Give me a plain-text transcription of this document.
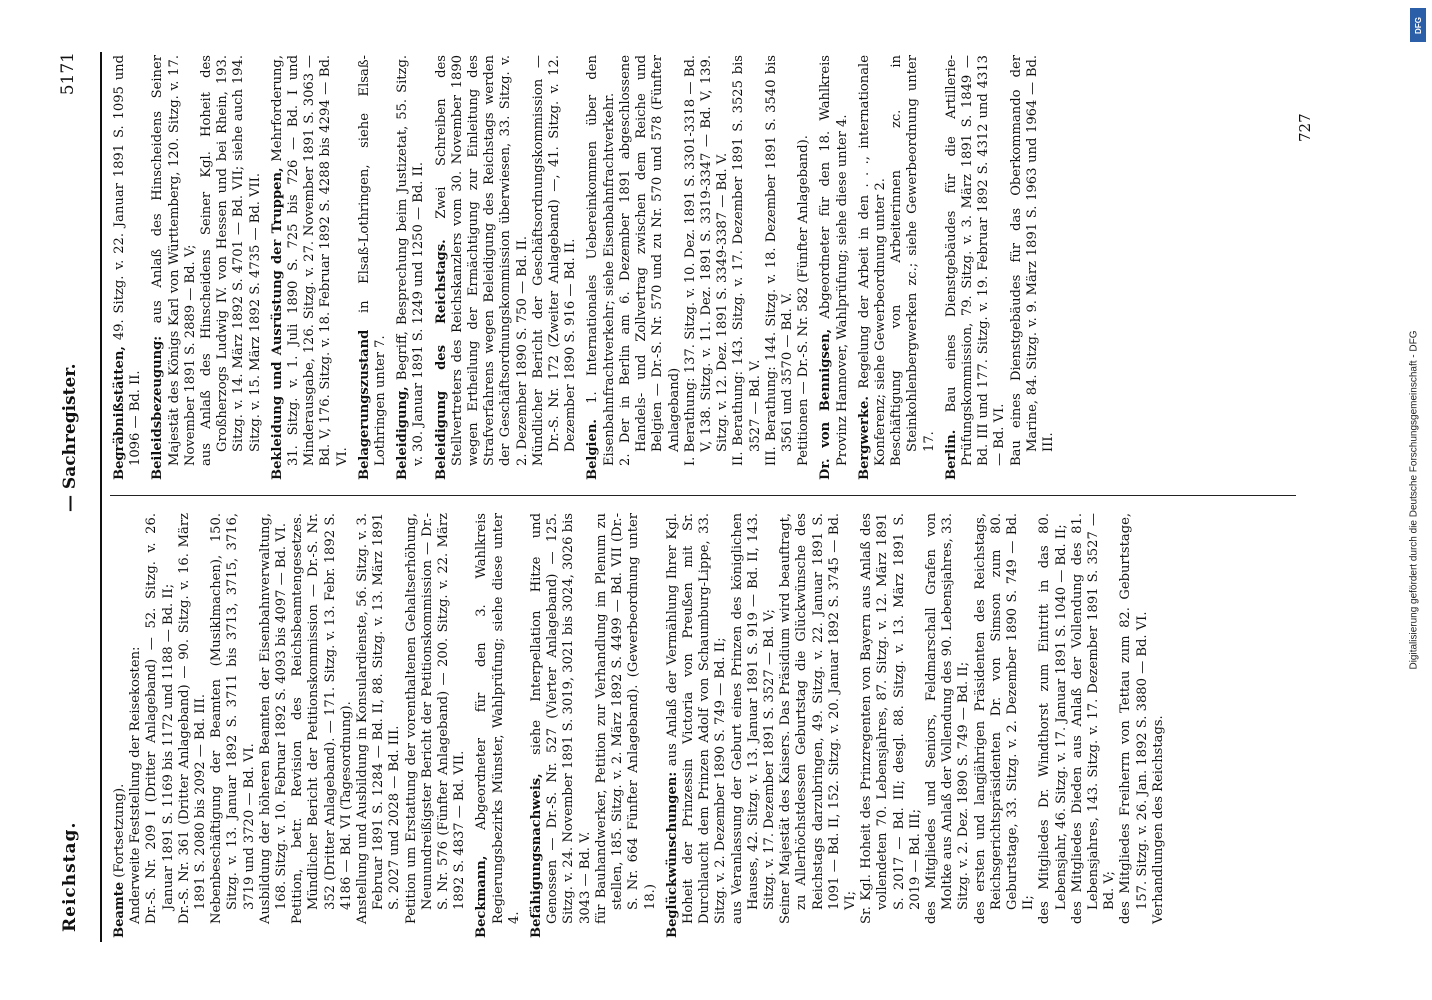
Reichstag.
— Sachregister.
5171

Beamte (Fortsetzung). Anderweite Feststellung der Reisekosten: Dr.-S. Nr. 209 I (Dritter Anlageband) — 52. Sitzg. v. 26. Januar 1891 S. 1169 bis 1172 und 1188 — Bd. II; Dr.-S. Nr. 361 (Dritter Anlageband) — 90. Sitzg. v. 16. März 1891 S. 2080 bis 2092 — Bd. III. Nebenbeschäftigung der Beamten (Musiklmachen), 150. Sitzg. v. 13. Januar 1892 S. 3711 bis 3713, 3715, 3716, 3719 und 3720 — Bd. VI. Ausbildung der höheren Beamten der Eisenbahnverwaltung, 168. Sitzg. v. 10. Februar 1892 S. 4093 bis 4097 — Bd. VI. Petition, betr. Revision des Reichsbeamtengesetzes. Mündlicher Bericht der Petitionskommission — Dr.-S. Nr. 352 (Dritter Anlageband). — 171. Sitzg. v. 13. Febr. 1892 S. 4186 — Bd. VI (Tagesordnung). Anstellung und Ausbildung in Konsulardienste, 56. Sitzg. v. 3. Februar 1891 S. 1284 — Bd. II, 88. Sitzg. v. 13. März 1891 S. 2027 und 2028 — Bd. III. Petition um Erstattung der vorenthaltenen Gehaltserhöhung, Neunundreißigster Bericht der Petitionskommission — Dr.-S. Nr. 576 (Fünfter Anlageband) — 200. Sitzg. v. 22. März 1892 S. 4837 — Bd. VII. Beckmann, Abgeordneter für den 3. Wahlkreis Regierungsbezirks Münster, Wahlprüfung; siehe diese unter 4. Befähigungsnachweis, siehe Interpellation Hitze und Genossen — Dr.-S. Nr. 527 (Vierter Anlageband) — 125. Sitzg. v. 24. November 1891 S. 3019, 3021 bis 3024, 3026 bis 3043 — Bd. V. für Bauhandwerker, Petition zur Verhandlung im Plenum zu stellen, 185. Sitzg. v. 2. März 1892 S. 4499 — Bd. VII (Dr.-S. Nr. 664 Fünfter Anlageband). (Gewerbeordnung unter 18.) Beglückwünschungen: aus Anlaß der Vermählung Ihrer Kgl. Hoheit der Prinzessin Victoria von Preußen mit Sr. Durchlaucht dem Prinzen Adolf von Schaumburg-Lippe, 33. Sitzg. v. 2. Dezember 1890 S. 749 — Bd. II; aus Veranlassung der Geburt eines Prinzen des königlichen Hauses, 42. Sitzg. v. 13. Januar 1891 S. 919 — Bd. II, 143. Sitzg. v. 17. Dezember 1891 S. 3527 — Bd. V; Seiner Majestät des Kaisers. Das Präsidium wird beauftragt, zu Allerhöchstdessen Geburtstag die Glückwünsche des Reichstags darzubringen, 49. Sitzg. v. 22. Januar 1891 S. 1091 — Bd. II, 152. Sitzg. v. 20. Januar 1892 S. 3745 — Bd. VI; Sr. Kgl. Hoheit des Prinzregenten von Bayern aus Anlaß des vollendeten 70. Lebensjahres, 87. Sitzg. v. 12. März 1891 S. 2017 — Bd. III; desgl. 88. Sitzg. v. 13. März 1891 S. 2019 — Bd. III; des Mitgliedes und Seniors, Feldmarschall Grafen von Moltke aus Anlaß der Vollendung des 90. Lebensjahres, 33. Sitzg. v. 2. Dez. 1890 S. 749 — Bd. II; des ersten und langjährigen Präsidenten des Reichstags, Reichsgerichtspräsidenten Dr. von Simson zum 80. Geburtstage, 33. Sitzg. v. 2. Dezember 1890 S. 749 — Bd. II; des Mitgliedes Dr. Windthorst zum Eintritt in das 80. Lebensjahr, 46. Sitzg. v. 17. Januar 1891 S. 1040 — Bd. II; des Mitgliedes Dieden aus Anlaß der Vollendung des 81. Lebensjahres, 143. Sitzg. v. 17. Dezember 1891 S. 3527 — Bd. V; des Mitgliedes Freiherrn von Tettau zum 82. Geburtstage, 157. Sitzg. v. 26. Jan. 1892 S. 3880 — Bd. VI. Verhandlungen des Reichstags.

Begräbnißstätten, 49. Sitzg. v. 22. Januar 1891 S. 1095 und 1096 — Bd. II. Beileidsbezeugung: aus Anlaß des Hinscheidens Seiner Majestät des Königs Karl von Württemberg, 120. Sitzg. v. 17. November 1891 S. 2889 — Bd. V; aus Anlaß des Hinscheidens Seiner Kgl. Hoheit des Großherzogs Ludwig IV. von Hessen und bei Rhein, 193. Sitzg. v. 14. März 1892 S. 4701 — Bd. VII; siehe auch 194. Sitzg. v. 15. März 1892 S. 4735 — Bd. VII. Bekleidung und Ausrüstung der Truppen, Mehrforderung, 31. Sitzg. v. 1. Juli 1890 S. 725 bis 726 — Bd. I und Minderausgabe, 126. Sitzg. v. 27. November 1891 S. 3063 — Bd. V, 176. Sitzg. v. 18. Februar 1892 S. 4288 bis 4294 — Bd. VI. Belagerungszustand in Elsaß-Lothringen, siehe Elsaß-Lothringen unter 7. Beleidigung, Begriff, Besprechung beim Justizetat, 55. Sitzg. v. 30. Januar 1891 S. 1249 und 1250 — Bd. II. Beleidigung des Reichstags. Zwei Schreiben des Stellvertreters des Reichskanzlers vom 30. November 1890 wegen Ertheilung der Ermächtigung zur Einleitung des Strafverfahrens wegen Beleidigung des Reichstags werden der Geschäftsordnungskommission überwiesen, 33. Sitzg. v. 2. Dezember 1890 S. 750 — Bd. II. Mündlicher Bericht der Geschäftsordnungskommission — Dr.-S. Nr. 172 (Zweiter Anlageband) —, 41. Sitzg. v. 12. Dezember 1890 S. 916 — Bd. II. Belgien. 1. Internationales Uebereinkommen über den Eisenbahnfrachtverkehr; siehe Eisenbahnfrachtverkehr. 2. Der in Berlin am 6. Dezember 1891 abgeschlossene Handels- und Zollvertrag zwischen dem Reiche und Belgien — Dr.-S. Nr. 570 und zu Nr. 570 und 578 (Fünfter Anlageband) I. Berathung: 137. Sitzg. v. 10. Dez. 1891 S. 3301-3318 — Bd. V, 138. Sitzg. v. 11. Dez. 1891 S. 3319-3347 — Bd. V, 139. Sitzg. v. 12. Dez. 1891 S. 3349-3387 — Bd. V. II. Berathung: 143. Sitzg. v. 17. Dezember 1891 S. 3525 bis 3527 — Bd. V. III. Berathung: 144. Sitzg. v. 18. Dezember 1891 S. 3540 bis 3561 und 3570 — Bd. V. Petitionen — Dr.-S. Nr. 582 (Fünfter Anlageband). Dr. von Bennigsen, Abgeordneter für den 18. Wahlkreis Provinz Hannover, Wahlprüfung; siehe diese unter 4. Bergwerke. Regelung der Arbeit in den . . ., internationale Konferenz; siehe Gewerbeordnung unter 2. Beschäftigung von Arbeiterinnen zc. in Steinkohlenbergwerken zc.; siehe Gewerbeordnung unter 17. Berlin. Bau eines Dienstgebäudes für die Artillerie-Prüfungskommission, 79. Sitzg. v. 3. März 1891 S. 1849 — Bd. III und 177. Sitzg. v. 19. Februar 1892 S. 4312 und 4313 — Bd. VI. Bau eines Dienstgebäudes für das Oberkommando der Marine, 84. Sitzg. v. 9. März 1891 S. 1963 und 1964 — Bd. III.

727
Digitalisierung gefördert durch die Deutsche Forschungsgemeinschaft - DFG
DFG
